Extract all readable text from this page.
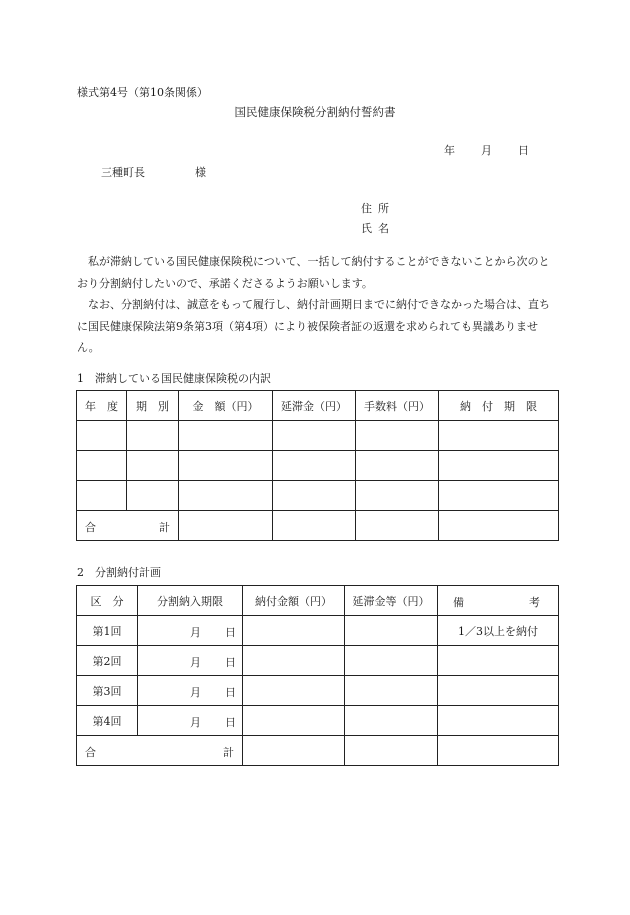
様式第4号（第10条関係）
国民健康保険税分割納付誓約書
年 月 日
三種町長	様
住所
氏名

　私が滞納している国民健康保険税について、一括して納付することができないことから次のとおり分割納付したいので、承諾くださるようお願いします。

　なお、分割納付は、誠意をもって履行し、納付計画期日までに納付できなかった場合は、直ちに国民健康保険法第9条第3項（第4項）により被保険者証の返還を求められても異議ありません。

1　滞納している国民健康保険税の内訳
年　度	期　別	金　額（円）	延滞金（円）	手数料（円）	納　付　期　限

合 計					

2　分割納付計画
区　分	分割納入期限	納付金額（円）	延滞金等（円）	備 考

第1回	月 日			1／3以上を納付
第2回	月 日			

第3回	月 日			

第4回	月 日			

合 計				
